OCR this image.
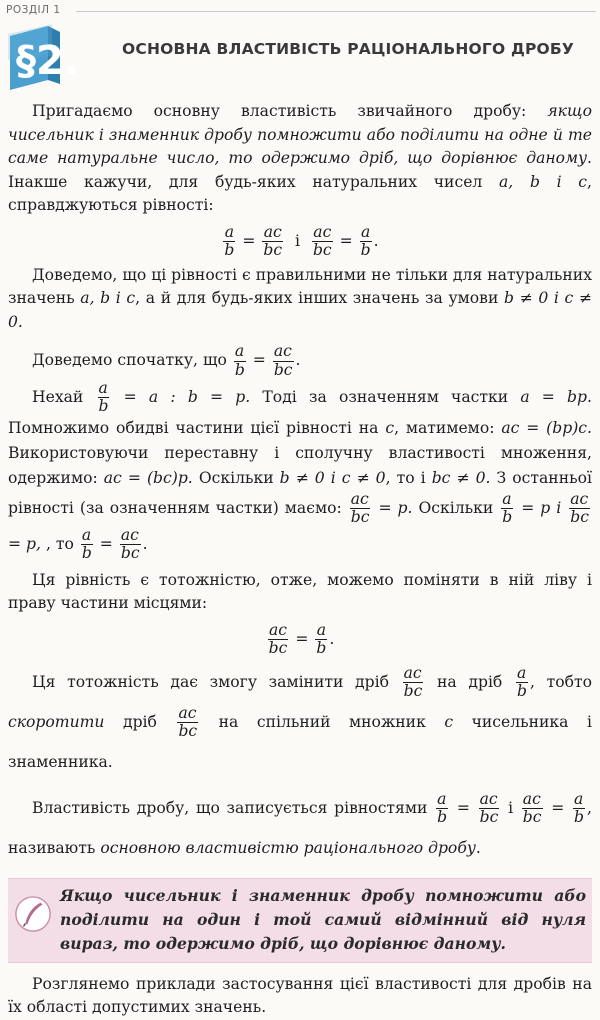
РОЗДІЛ 1
§2.	ОСНОВНА ВЛАСТИВІСТЬ РАЦІОНАЛЬНОГО ДРОБУ
Пригадаємо основну властивість звичайного дробу: якщо чисельник і знаменник дробу помножити або поділити на одне й те саме натуральне число, то одержимо дріб, що дорівнює даному. Інакше кажучи, для будь-яких натуральних чисел a, b і c, справджуються рівності:
$\frac{a}{b} = \frac{ac}{bc}$ і $\frac{ac}{bc} = \frac{a}{b}$ .
Доведемо, що ці рівності є правильними не тільки для натуральних значень a, b і c, а й для будь-яких інших значень за умови b ≠ 0 і c ≠ 0.
Доведемо спочатку, що $\frac{a}{b} = \frac{ac}{bc}$ .
Нехай $\frac{a}{b} = a$ : b = p. Тоді за означенням частки a = bp. Помножимо обидві частини цієї рівності на c, матимемо: ac = (bp)c. Використовуючи переставну і сполучну властивості множення, одержимо: ac = (bc)p. Оскільки b ≠ 0 і c ≠ 0, то і bc ≠ 0. З останньої рівності (за означенням частки) маємо: $\frac{ac}{bc} = p$. Оскільки $\frac{a}{b} = p$ і $\frac{ac}{bc}$
= p, , то $\frac{a}{b} = \frac{ac}{bc}$ .
Ця рівність є тотожністю, отже, можемо поміняти в ній ліву і праву частини місцями:
$\frac{ac}{bc} = \frac{a}{b}$ .
Ця тотожність дає змогу замінити дріб $\frac{ac}{bc}$ на дріб $\frac{a}{b}$ , тобто скоротити дріб $\frac{ac}{bc}$ на спільний множник c чисельника і знаменника.
Властивість дробу, що записується рівностями $\frac{a}{b} = \frac{ac}{bc}$ і $\frac{ac}{bc} = \frac{a}{b}$ , називають основною властивістю раціонального дробу.
Якщо чисельник і знаменник дробу помножити або поділити на один і той самий відмінний від нуля вираз, то одержимо дріб, що дорівнює даному.
Розглянемо приклади застосування цієї властивості для дробів на їх області допустимих значень.
